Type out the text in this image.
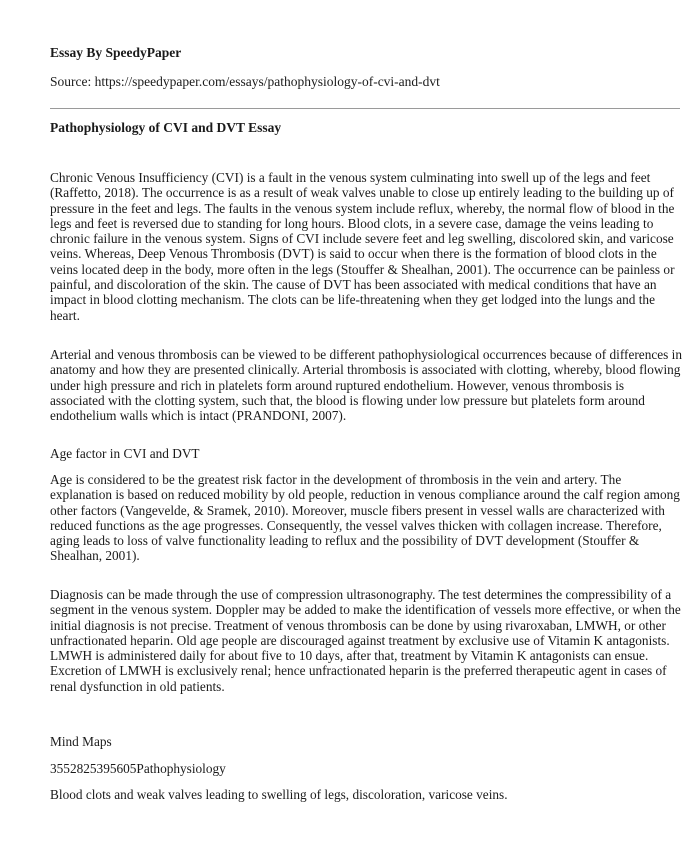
Essay By SpeedyPaper
Source: https://speedypaper.com/essays/pathophysiology-of-cvi-and-dvt
Pathophysiology of CVI and DVT Essay

Chronic Venous Insufficiency (CVI) is a fault in the venous system culminating into swell up of the legs and feet (Raffetto, 2018). The occurrence is as a result of weak valves unable to close up entirely leading to the building up of pressure in the feet and legs. The faults in the venous system include reflux, whereby, the normal flow of blood in the legs and feet is reversed due to standing for long hours. Blood clots, in a severe case, damage the veins leading to chronic failure in the venous system. Signs of CVI include severe feet and leg swelling, discolored skin, and varicose veins. Whereas, Deep Venous Thrombosis (DVT) is said to occur when there is the formation of blood clots in the veins located deep in the body, more often in the legs (Stouffer & Shealhan, 2001). The occurrence can be painless or painful, and discoloration of the skin. The cause of DVT has been associated with medical conditions that have an impact in blood clotting mechanism. The clots can be life-threatening when they get lodged into the lungs and the heart.

Arterial and venous thrombosis can be viewed to be different pathophysiological occurrences because of differences in anatomy and how they are presented clinically. Arterial thrombosis is associated with clotting, whereby, blood flowing under high pressure and rich in platelets form around ruptured endothelium. However, venous thrombosis is associated with the clotting system, such that, the blood is flowing under low pressure but platelets form around endothelium walls which is intact (PRANDONI, 2007).

Age factor in CVI and DVT

Age is considered to be the greatest risk factor in the development of thrombosis in the vein and artery. The explanation is based on reduced mobility by old people, reduction in venous compliance around the calf region among other factors (Vangevelde, & Sramek, 2010). Moreover, muscle fibers present in vessel walls are characterized with reduced functions as the age progresses. Consequently, the vessel valves thicken with collagen increase. Therefore, aging leads to loss of valve functionality leading to reflux and the possibility of DVT development (Stouffer & Shealhan, 2001).

Diagnosis can be made through the use of compression ultrasonography. The test determines the compressibility of a segment in the venous system. Doppler may be added to make the identification of vessels more effective, or when the initial diagnosis is not precise. Treatment of venous thrombosis can be done by using rivaroxaban, LMWH, or other unfractionated heparin. Old age people are discouraged against treatment by exclusive use of Vitamin K antagonists. LMWH is administered daily for about five to 10 days, after that, treatment by Vitamin K antagonists can ensue. Excretion of LMWH is exclusively renal; hence unfractionated heparin is the preferred therapeutic agent in cases of renal dysfunction in old patients.

Mind Maps

3552825395605Pathophysiology

Blood clots and weak valves leading to swelling of legs, discoloration, varicose veins.
